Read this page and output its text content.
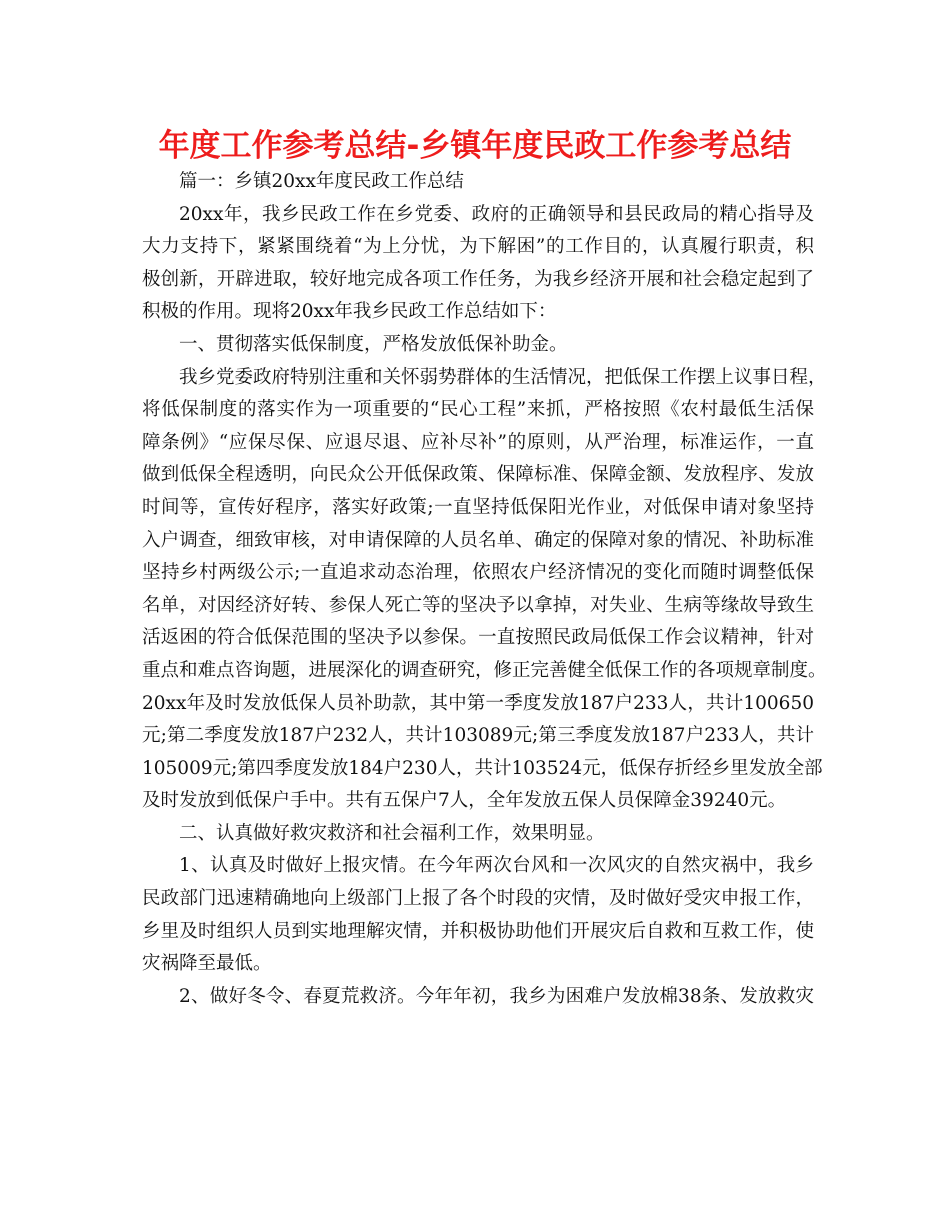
年度工作参考总结-乡镇年度民政工作参考总结
篇一：乡镇20xx年度民政工作总结
20xx年，我乡民政工作在乡党委、政府的正确领导和县民政局的精心指导及
大力支持下，紧紧围绕着“为上分忧，为下解困”的工作目的，认真履行职责，积
极创新，开辟进取，较好地完成各项工作任务，为我乡经济开展和社会稳定起到了
积极的作用。现将20xx年我乡民政工作总结如下：
一、贯彻落实低保制度，严格发放低保补助金。
我乡党委政府特别注重和关怀弱势群体的生活情况，把低保工作摆上议事日程，
将低保制度的落实作为一项重要的“民心工程”来抓，严格按照《农村最低生活保
障条例》“应保尽保、应退尽退、应补尽补”的原则，从严治理，标准运作，一直
做到低保全程透明，向民众公开低保政策、保障标准、保障金额、发放程序、发放
时间等，宣传好程序，落实好政策;一直坚持低保阳光作业，对低保申请对象坚持
入户调查，细致审核，对申请保障的人员名单、确定的保障对象的情况、补助标准
坚持乡村两级公示;一直追求动态治理，依照农户经济情况的变化而随时调整低保
名单，对因经济好转、参保人死亡等的坚决予以拿掉，对失业、生病等缘故导致生
活返困的符合低保范围的坚决予以参保。一直按照民政局低保工作会议精神，针对
重点和难点咨询题，进展深化的调查研究，修正完善健全低保工作的各项规章制度。
20xx年及时发放低保人员补助款，其中第一季度发放187户233人，共计100650
元;第二季度发放187户232人，共计103089元;第三季度发放187户233人，共计
105009元;第四季度发放184户230人，共计103524元，低保存折经乡里发放全部
及时发放到低保户手中。共有五保户7人，全年发放五保人员保障金39240元。
二、认真做好救灾救济和社会福利工作，效果明显。
1、认真及时做好上报灾情。在今年两次台风和一次风灾的自然灾祸中，我乡
民政部门迅速精确地向上级部门上报了各个时段的灾情，及时做好受灾申报工作，
乡里及时组织人员到实地理解灾情，并积极协助他们开展灾后自救和互救工作，使
灾祸降至最低。
2、做好冬令、春夏荒救济。今年年初，我乡为困难户发放棉38条、发放救灾
